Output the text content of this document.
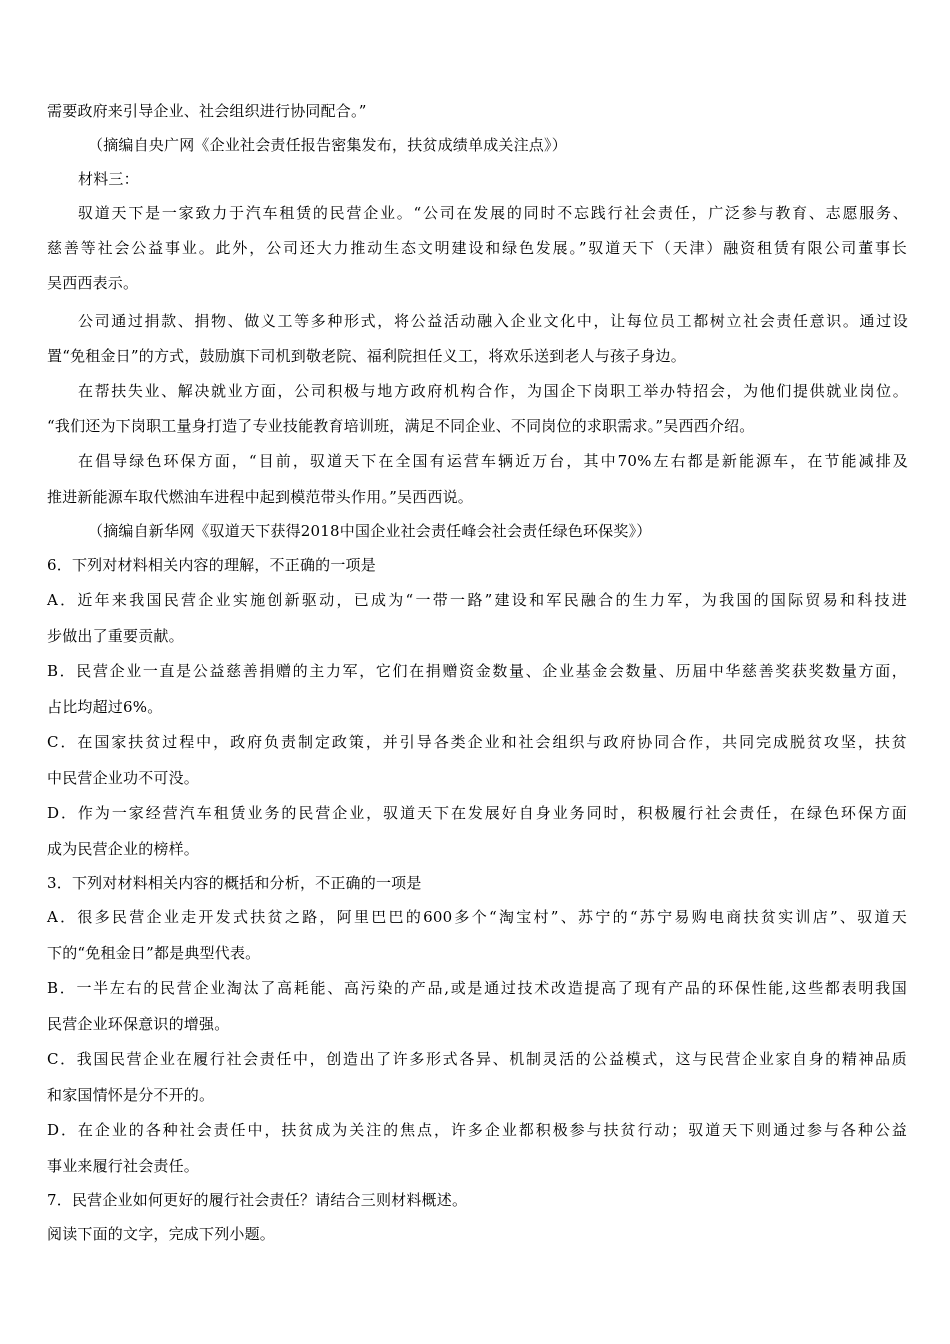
需要政府来引导企业、社会组织进行协同配合。”
（摘编自央广网《企业社会责任报告密集发布，扶贫成绩单成关注点》）
材料三：
驭道天下是一家致力于汽车租赁的民营企业。“公司在发展的同时不忘践行社会责任，广泛参与教育、志愿服务、
慈善等社会公益事业。此外，公司还大力推动生态文明建设和绿色发展。”驭道天下（天津）融资租赁有限公司董事长
吴西西表示。
公司通过捐款、捐物、做义工等多种形式，将公益活动融入企业文化中，让每位员工都树立社会责任意识。通过设
置“免租金日”的方式，鼓励旗下司机到敬老院、福利院担任义工，将欢乐送到老人与孩子身边。
在帮扶失业、解决就业方面，公司积极与地方政府机构合作，为国企下岗职工举办特招会，为他们提供就业岗位。
“我们还为下岗职工量身打造了专业技能教育培训班，满足不同企业、不同岗位的求职需求。”吴西西介绍。
在倡导绿色环保方面，“目前，驭道天下在全国有运营车辆近万台，其中70%左右都是新能源车，在节能减排及
推进新能源车取代燃油车进程中起到模范带头作用。”吴西西说。
（摘编自新华网《驭道天下获得2018中国企业社会责任峰会社会责任绿色环保奖》）
6．下列对材料相关内容的理解，不正确的一项是
A．近年来我国民营企业实施创新驱动，已成为“一带一路”建设和军民融合的生力军，为我国的国际贸易和科技进
步做出了重要贡献。
B．民营企业一直是公益慈善捐赠的主力军，它们在捐赠资金数量、企业基金会数量、历届中华慈善奖获奖数量方面，
占比均超过6%。
C．在国家扶贫过程中，政府负责制定政策，并引导各类企业和社会组织与政府协同合作，共同完成脱贫攻坚，扶贫
中民营企业功不可没。
D．作为一家经营汽车租赁业务的民营企业，驭道天下在发展好自身业务同时，积极履行社会责任，在绿色环保方面
成为民营企业的榜样。
3．下列对材料相关内容的概括和分析，不正确的一项是
A．很多民营企业走开发式扶贫之路，阿里巴巴的600多个“淘宝村”、苏宁的“苏宁易购电商扶贫实训店”、驭道天
下的“免租金日”都是典型代表。
B．一半左右的民营企业淘汰了高耗能、高污染的产品,或是通过技术改造提高了现有产品的环保性能,这些都表明我国
民营企业环保意识的增强。
C．我国民营企业在履行社会责任中，创造出了许多形式各异、机制灵活的公益模式，这与民营企业家自身的精神品质
和家国情怀是分不开的。
D．在企业的各种社会责任中，扶贫成为关注的焦点，许多企业都积极参与扶贫行动；驭道天下则通过参与各种公益
事业来履行社会责任。
7．民营企业如何更好的履行社会责任？请结合三则材料概述。
阅读下面的文字，完成下列小题。
